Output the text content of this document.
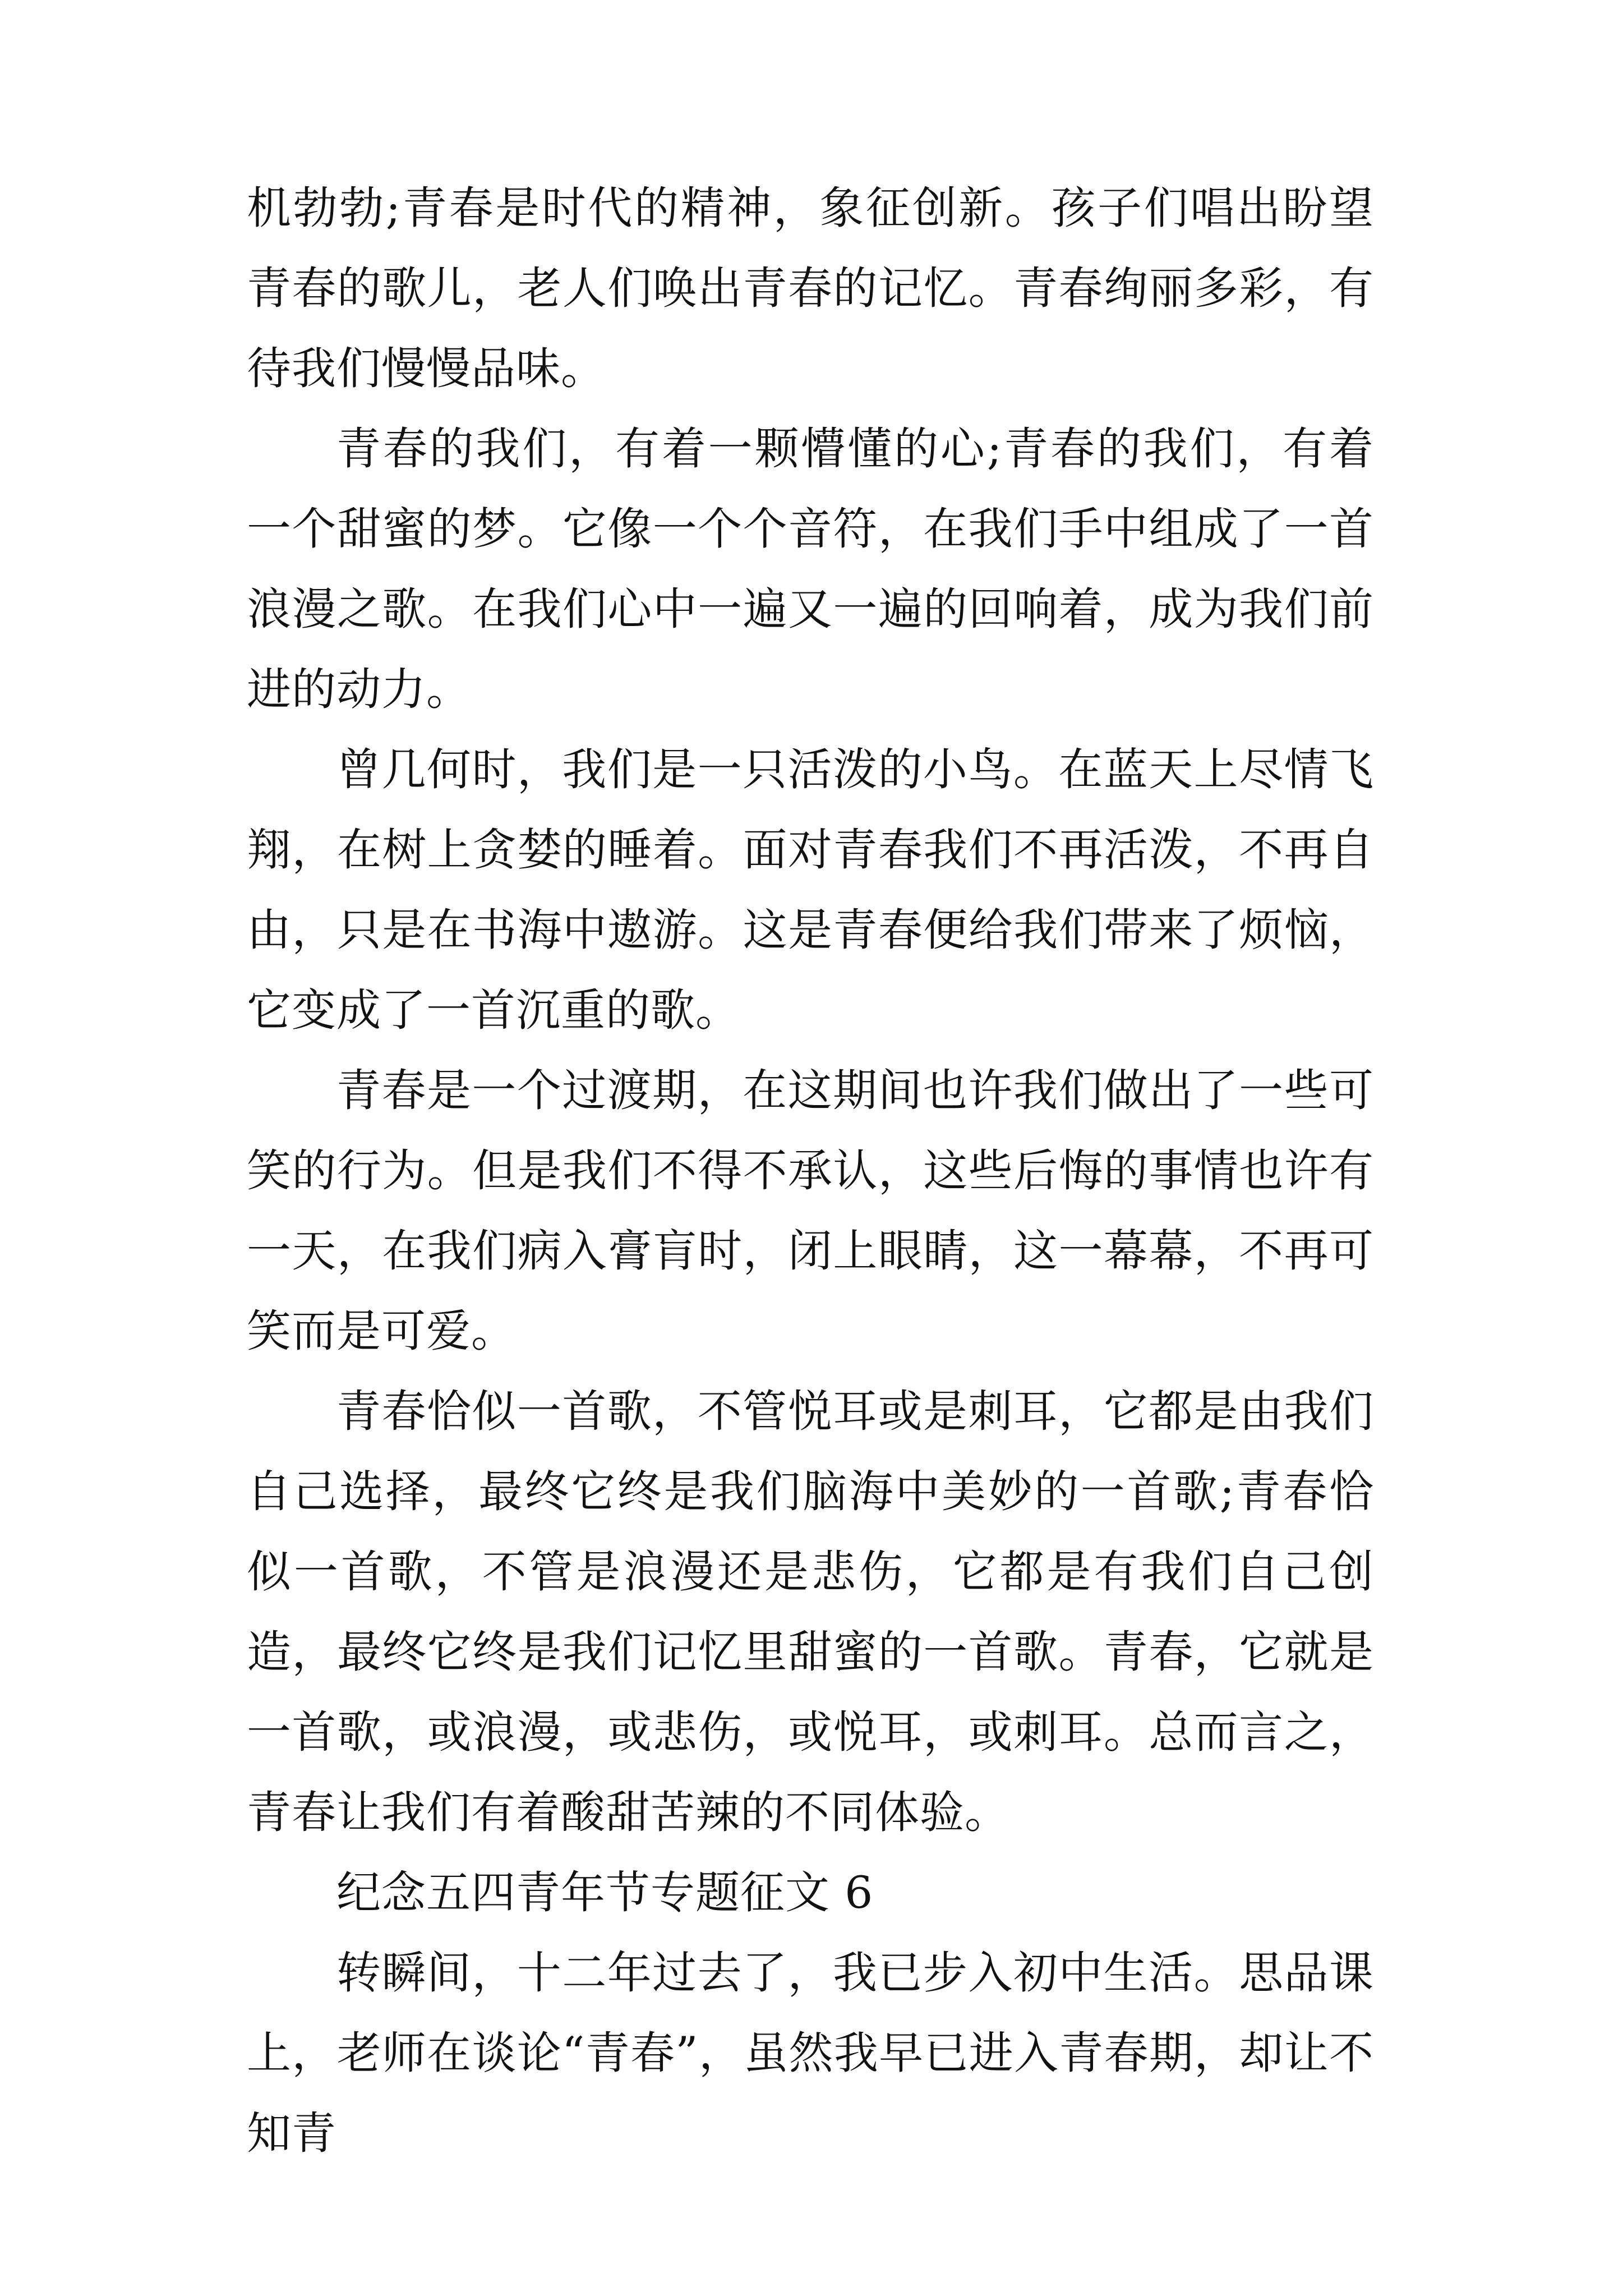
机勃勃;青春是时代的精神，象征创新。孩子们唱出盼望青春的歌儿，老人们唤出青春的记忆。青春绚丽多彩，有待我们慢慢品味。

青春的我们，有着一颗懵懂的心;青春的我们，有着一个甜蜜的梦。它像一个个音符，在我们手中组成了一首浪漫之歌。在我们心中一遍又一遍的回响着，成为我们前进的动力。

曾几何时，我们是一只活泼的小鸟。在蓝天上尽情飞翔，在树上贪婪的睡着。面对青春我们不再活泼，不再自由，只是在书海中遨游。这是青春便给我们带来了烦恼，它变成了一首沉重的歌。

青春是一个过渡期，在这期间也许我们做出了一些可笑的行为。但是我们不得不承认，这些后悔的事情也许有一天，在我们病入膏肓时，闭上眼睛，这一幕幕，不再可笑而是可爱。

青春恰似一首歌，不管悦耳或是刺耳，它都是由我们自己选择，最终它终是我们脑海中美妙的一首歌;青春恰似一首歌，不管是浪漫还是悲伤，它都是有我们自己创造，最终它终是我们记忆里甜蜜的一首歌。青春，它就是一首歌，或浪漫，或悲伤，或悦耳，或刺耳。总而言之，青春让我们有着酸甜苦辣的不同体验。

纪念五四青年节专题征文 6

转瞬间，十二年过去了，我已步入初中生活。思品课上，老师在谈论“青春”，虽然我早已进入青春期，却让不知青
